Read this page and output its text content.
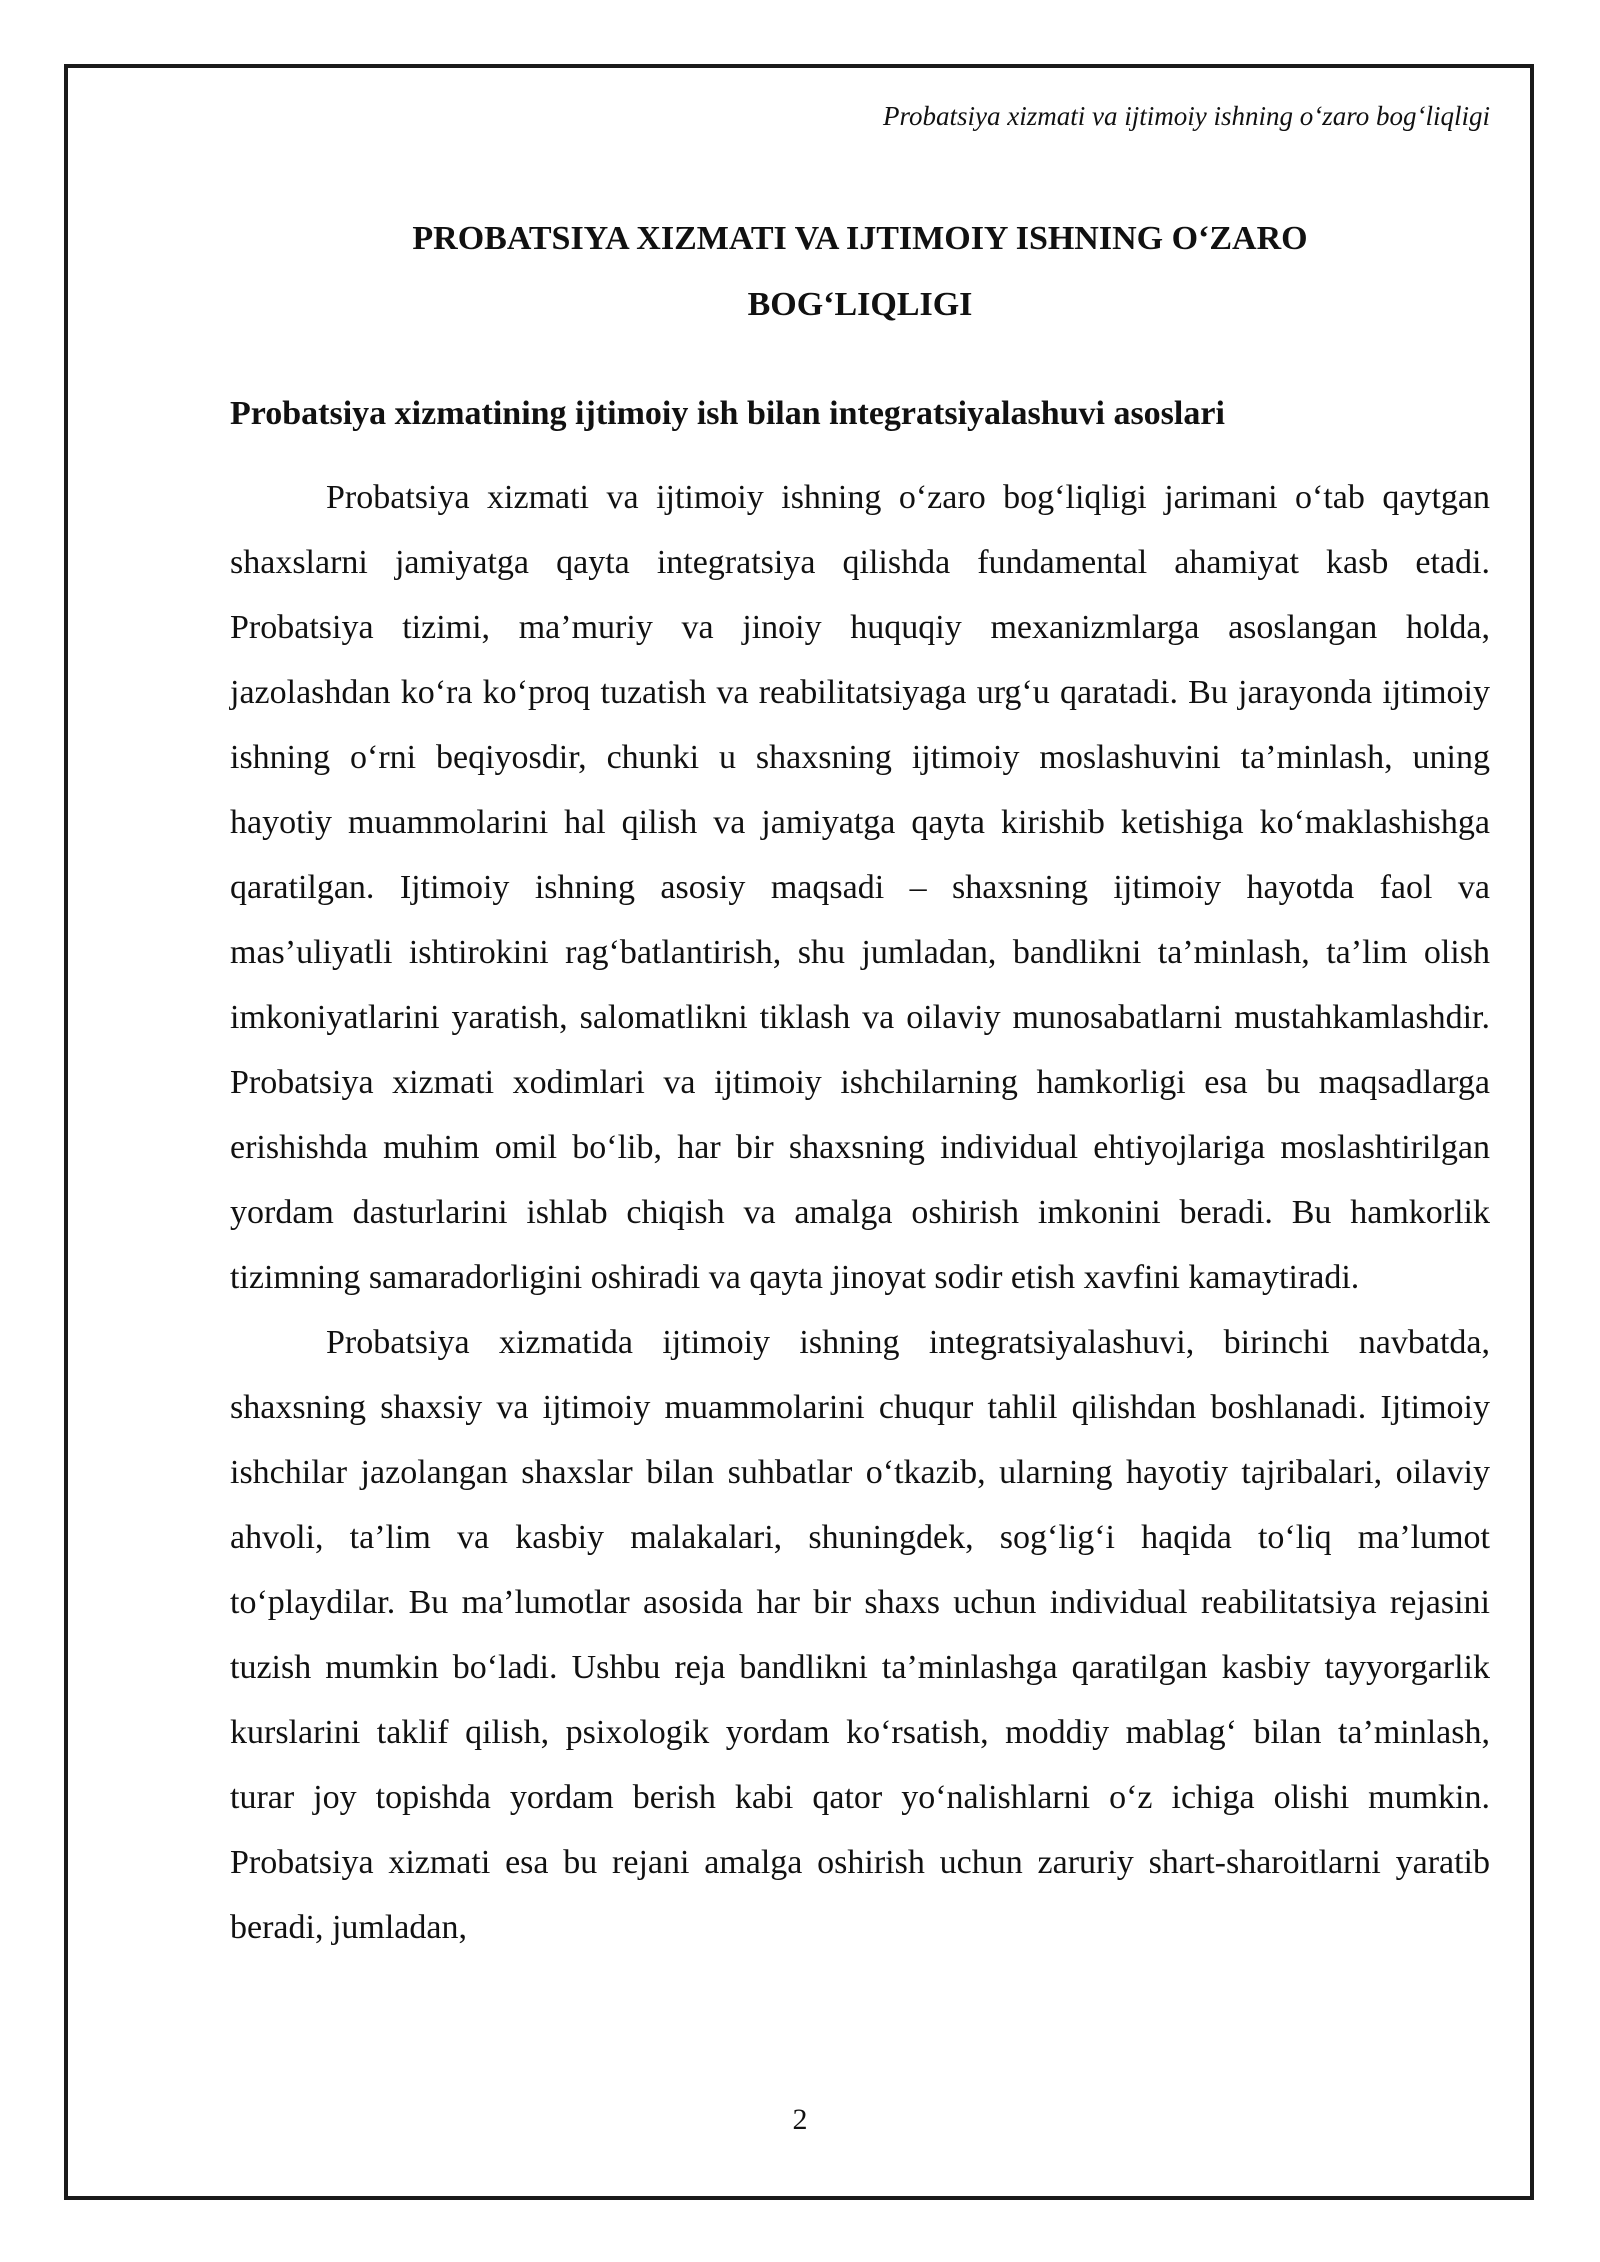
Probatsiya xizmati va ijtimoiy ishning o‘zaro bog‘liqligi
PROBATSIYA XIZMATI VA IJTIMOIY ISHNING O‘ZARO
BOG‘LIQLIGI
Probatsiya xizmatining ijtimoiy ish bilan integratsiyalashuvi asoslari

Probatsiya xizmati va ijtimoiy ishning o‘zaro bog‘liqligi jarimani o‘tab qaytgan shaxslarni jamiyatga qayta integratsiya qilishda fundamental ahamiyat kasb etadi. Probatsiya tizimi, ma’muriy va jinoiy huquqiy mexanizmlarga asoslangan holda, jazolashdan ko‘ra ko‘proq tuzatish va reabilitatsiyaga urg‘u qaratadi. Bu jarayonda ijtimoiy ishning o‘rni beqiyosdir, chunki u shaxsning ijtimoiy moslashuvini ta’minlash, uning hayotiy muammolarini hal qilish va jamiyatga qayta kirishib ketishiga ko‘maklashishga qaratilgan. Ijtimoiy ishning asosiy maqsadi – shaxsning ijtimoiy hayotda faol va mas’uliyatli ishtirokini rag‘batlantirish, shu jumladan, bandlikni ta’minlash, ta’lim olish imkoniyatlarini yaratish, salomatlikni tiklash va oilaviy munosabatlarni mustahkamlashdir. Probatsiya xizmati xodimlari va ijtimoiy ishchilarning hamkorligi esa bu maqsadlarga erishishda muhim omil bo‘lib, har bir shaxsning individual ehtiyojlariga moslashtirilgan yordam dasturlarini ishlab chiqish va amalga oshirish imkonini beradi. Bu hamkorlik tizimning samaradorligini oshiradi va qayta jinoyat sodir etish xavfini kamaytiradi.

Probatsiya xizmatida ijtimoiy ishning integratsiyalashuvi, birinchi navbatda, shaxsning shaxsiy va ijtimoiy muammolarini chuqur tahlil qilishdan boshlanadi. Ijtimoiy ishchilar jazolangan shaxslar bilan suhbatlar o‘tkazib, ularning hayotiy tajribalari, oilaviy ahvoli, ta’lim va kasbiy malakalari, shuningdek, sog‘lig‘i haqida to‘liq ma’lumot to‘playdilar. Bu ma’lumotlar asosida har bir shaxs uchun individual reabilitatsiya rejasini tuzish mumkin bo‘ladi. Ushbu reja bandlikni ta’minlashga qaratilgan kasbiy tayyorgarlik kurslarini taklif qilish, psixologik yordam ko‘rsatish, moddiy mablag‘ bilan ta’minlash, turar joy topishda yordam berish kabi qator yo‘nalishlarni o‘z ichiga olishi mumkin. Probatsiya xizmati esa bu rejani amalga oshirish uchun zaruriy shart-sharoitlarni yaratib beradi, jumladan,

2
